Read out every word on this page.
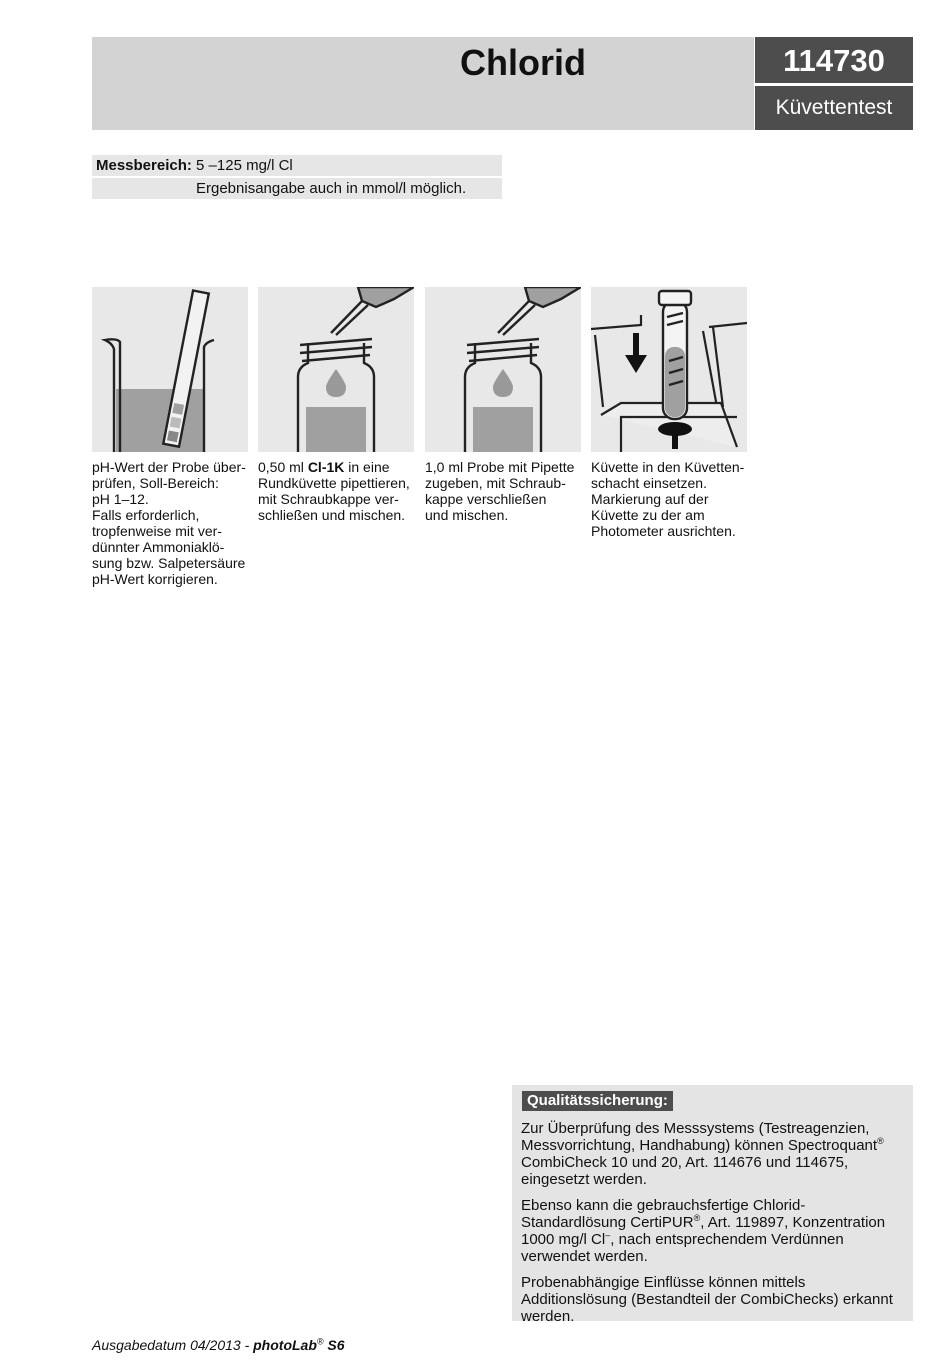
Chlorid	114730
Küvettentest
Messbereich: 5 –125 mg/l Cl
Ergebnisangabe auch in mmol/l möglich.

pH-Wert der Probe über-
prüfen, Soll-Bereich:
pH 1–12.
Falls erforderlich,
tropfenweise mit ver-
dünnter Ammoniaklö-
sung bzw. Salpetersäure
pH-Wert korrigieren.

0,50 ml Cl-1K in eine
Rundküvette pipettieren,
mit Schraubkappe ver-
schließen und mischen.

1,0 ml Probe mit Pipette
zugeben, mit Schraub-
kappe verschließen
und mischen.

Küvette in den Küvetten-
schacht einsetzen.
Markierung auf der
Küvette zu der am
Photometer ausrichten.

Qualitätssicherung:

Zur Überprüfung des Messsystems (Testreagenzien, Messvorrichtung, Handhabung) können Spectroquant® CombiCheck 10 und 20, Art. 114676 und 114675, eingesetzt werden.

Ebenso kann die gebrauchsfertige Chlorid-Standardlösung CertiPUR®, Art. 119897, Konzentration 1000 mg/l Cl–, nach entsprechendem Verdünnen verwendet werden.

Probenabhängige Einflüsse können mittels Additionslösung (Bestandteil der CombiChecks) erkannt werden.

Ausgabedatum 04/2013 - photoLab® S6
